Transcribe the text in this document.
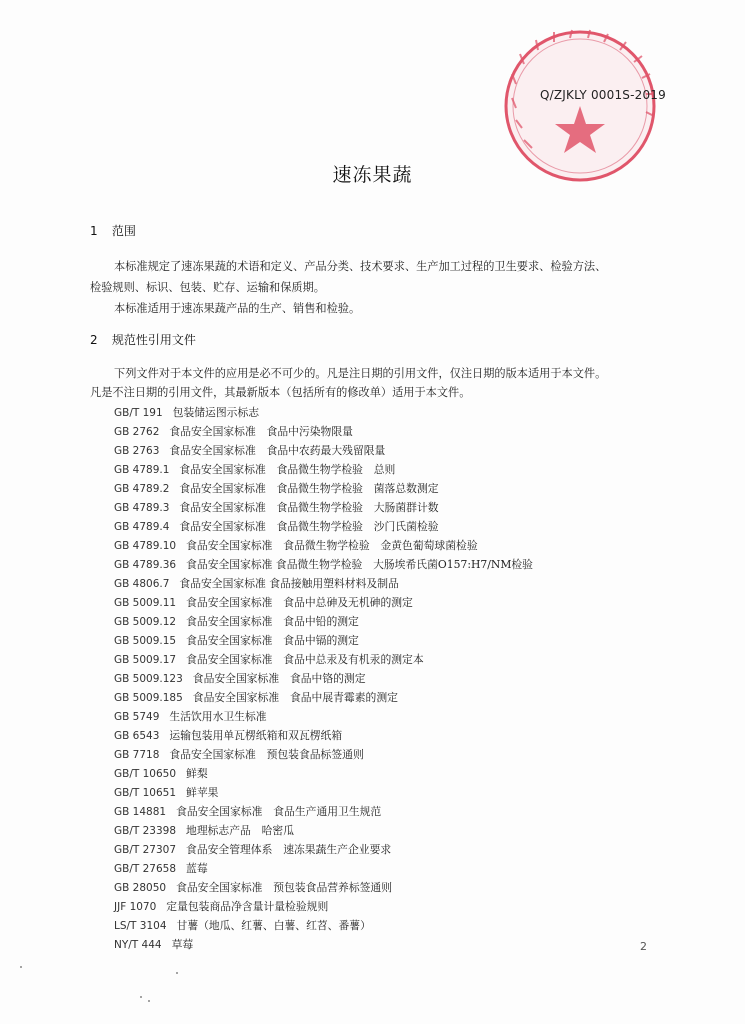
Q/ZJKLY 0001S-2019
速冻果蔬
1 范围
本标准规定了速冻果蔬的术语和定义、产品分类、技术要求、生产加工过程的卫生要求、检验方法、
检验规则、标识、包装、贮存、运输和保质期。
本标准适用于速冻果蔬产品的生产、销售和检验。
2 规范性引用文件
下列文件对于本文件的应用是必不可少的。凡是注日期的引用文件，仅注日期的版本适用于本文件。
凡是不注日期的引用文件，其最新版本（包括所有的修改单）适用于本文件。
GB/T 191 包装储运图示标志
GB 2762 食品安全国家标准　食品中污染物限量
GB 2763 食品安全国家标准　食品中农药最大残留限量
GB 4789.1 食品安全国家标准　食品微生物学检验　总则
GB 4789.2 食品安全国家标准　食品微生物学检验　菌落总数测定
GB 4789.3 食品安全国家标准　食品微生物学检验　大肠菌群计数
GB 4789.4 食品安全国家标准　食品微生物学检验　沙门氏菌检验
GB 4789.10 食品安全国家标准　食品微生物学检验　金黄色葡萄球菌检验
GB 4789.36 食品安全国家标准 食品微生物学检验　大肠埃希氏菌O157:H7/NM检验
GB 4806.7 食品安全国家标准 食品接触用塑料材料及制品
GB 5009.11 食品安全国家标准　食品中总砷及无机砷的测定
GB 5009.12 食品安全国家标准　食品中铅的测定
GB 5009.15 食品安全国家标准　食品中镉的测定
GB 5009.17 食品安全国家标准　食品中总汞及有机汞的测定本
GB 5009.123 食品安全国家标准　食品中铬的测定
GB 5009.185 食品安全国家标准　食品中展青霉素的测定
GB 5749 生活饮用水卫生标准
GB 6543 运输包装用单瓦楞纸箱和双瓦楞纸箱
GB 7718 食品安全国家标准　预包装食品标签通则
GB/T 10650 鲜梨
GB/T 10651 鲜苹果
GB 14881 食品安全国家标准　食品生产通用卫生规范
GB/T 23398 地理标志产品　哈密瓜
GB/T 27307 食品安全管理体系　速冻果蔬生产企业要求
GB/T 27658 蓝莓
GB 28050 食品安全国家标准　预包装食品营养标签通则
JJF 1070 定量包装商品净含量计量检验规则
LS/T 3104 甘薯（地瓜、红薯、白薯、红苕、番薯）
NY/T 444 草莓	2
